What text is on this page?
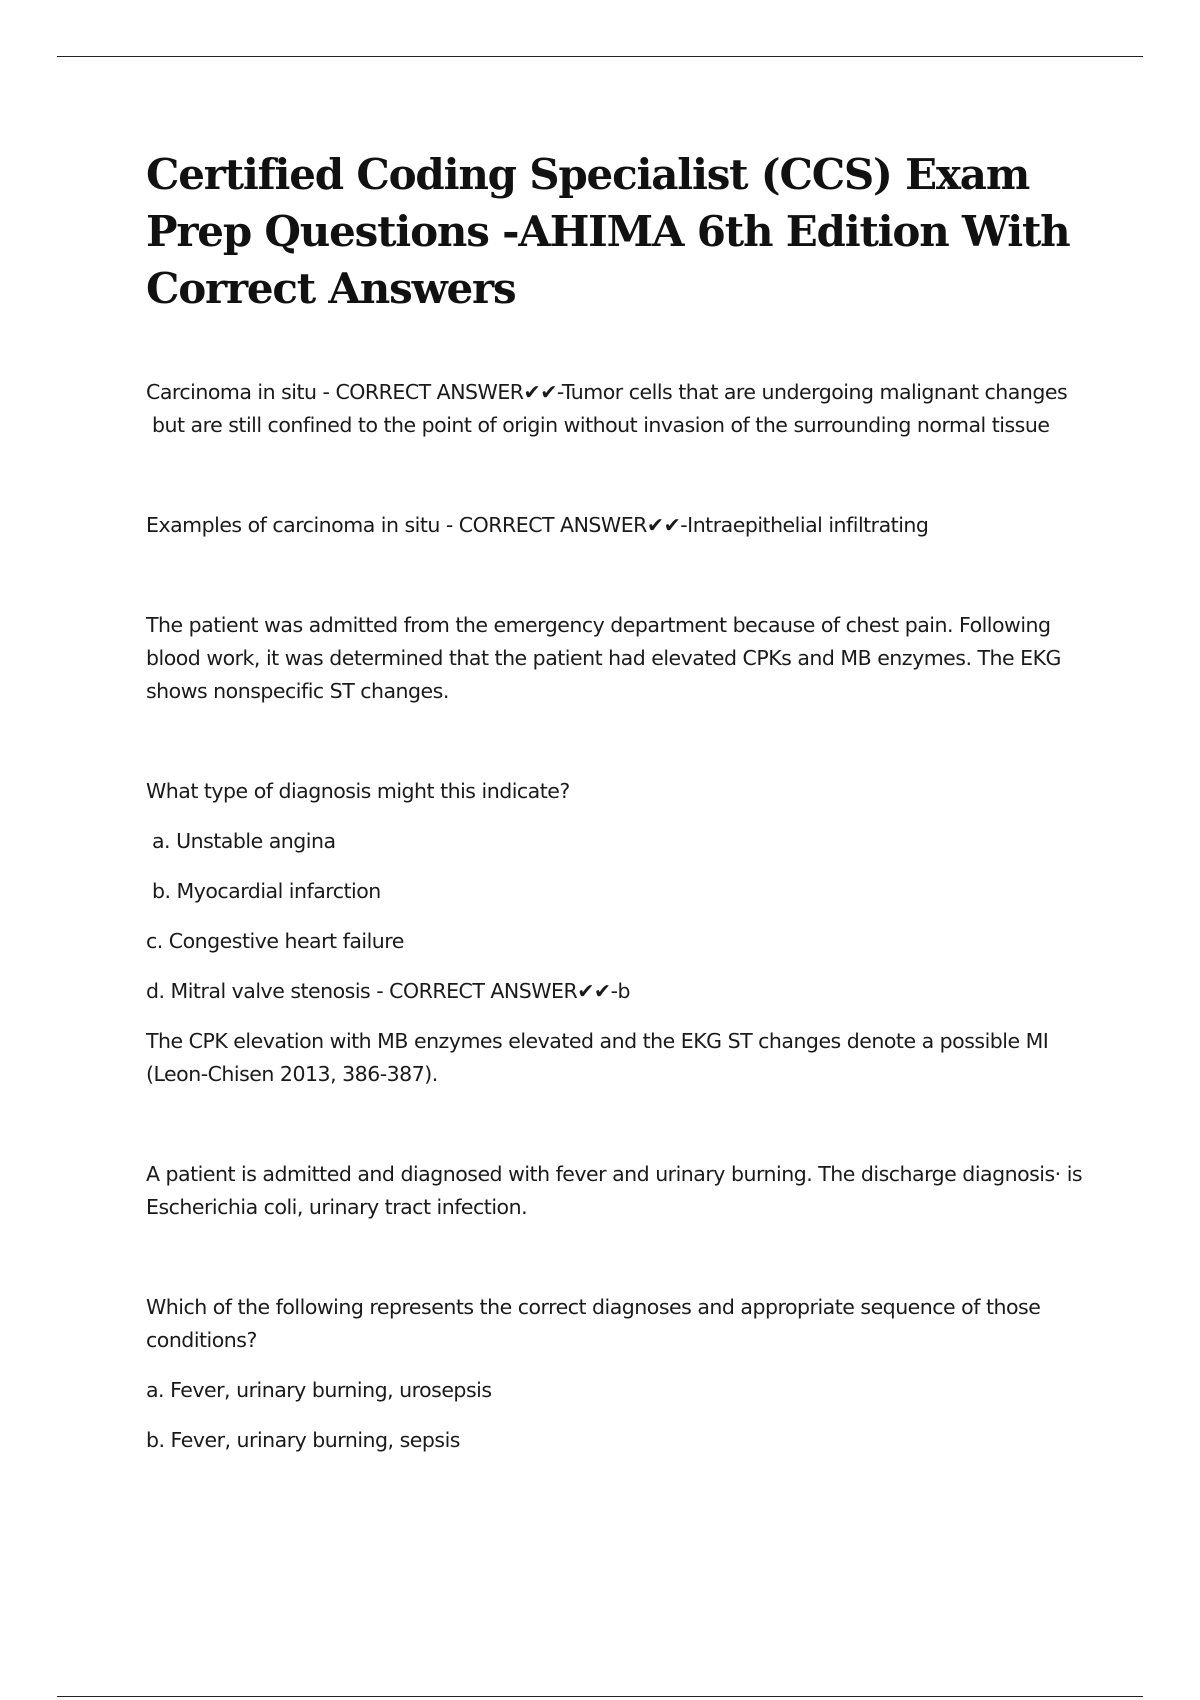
Certified Coding Specialist (CCS) Exam Prep Questions -AHIMA 6th Edition With Correct Answers

Carcinoma in situ - CORRECT ANSWER✔✔-Tumor cells that are undergoing malignant changes

but are still confined to the point of origin without invasion of the surrounding normal tissue

Examples of carcinoma in situ - CORRECT ANSWER✔✔-Intraepithelial infiltrating

The patient was admitted from the emergency department because of chest pain. Following blood work, it was determined that the patient had elevated CPKs and MB enzymes. The EKG shows nonspecific ST changes.

What type of diagnosis might this indicate?

a. Unstable angina

b. Myocardial infarction

c. Congestive heart failure

d. Mitral valve stenosis - CORRECT ANSWER✔✔-b

The CPK elevation with MB enzymes elevated and the EKG ST changes denote a possible MI (Leon-Chisen 2013, 386-387).

A patient is admitted and diagnosed with fever and urinary burning. The discharge diagnosis· is Escherichia coli, urinary tract infection.

Which of the following represents the correct diagnoses and appropriate sequence of those conditions?

a. Fever, urinary burning, urosepsis

b. Fever, urinary burning, sepsis
